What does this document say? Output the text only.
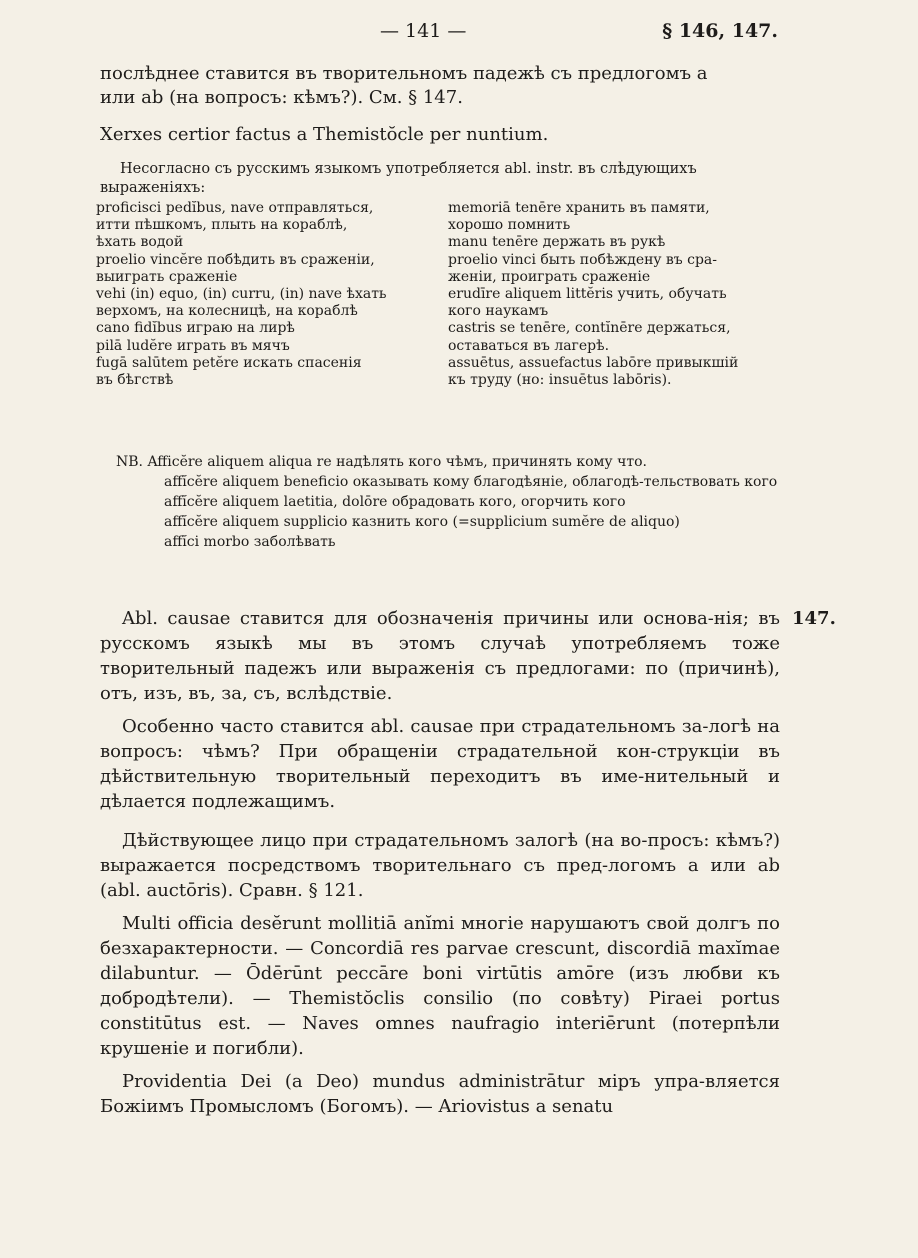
— 141 —	§ 146, 147.

послѣднее ставится въ творительномъ падежѣ съ предлогомъ a

или ab (на вопросъ: кѣмъ?). См. § 147.

Xerxes certior factus a Themistŏcle per nuntium.

Несогласно съ русскимъ языкомъ употребляется abl. instr. въ слѣдующихъ

выраженіяхъ:

proficisci pedĭbus, nave отправляться,
итти пѣшкомъ, плыть на кораблѣ,
ѣхать водой
proelio vincĕre побѣдить въ сраженіи,
выиграть сраженіе
vehi (in) equo, (in) curru, (in) nave ѣхать
верхомъ, на колесницѣ, на кораблѣ
cano fidĭbus играю на лирѣ
pilā ludĕre играть въ мячъ
fugā salūtem petĕre искать спасенія
въ бѣгствѣ
memoriā tenēre хранить въ памяти,
хорошо помнить
manu tenēre держать въ рукѣ
proelio vinci быть побѣжденy въ сра-
женіи, проиграть сраженіе
erudīre aliquem littĕris учить, обучать
кого наукамъ
castris se tenēre, contĭnēre держаться,
оставаться въ лагерѣ.
assuētus, assuefactus labōre привыкшій
къ труду (но: insuētus labōris).

NB. Afficĕre aliquem aliqua re надѣлять кого чѣмъ, причинять кому что.

affĭcĕre aliquem beneficio оказывать кому благодѣяніе, облагодѣ-тельствовать кого

affĭcĕre aliquem laetitia, dolōre обрадовать кого, огорчить кого

affĭcĕre aliquem supplicio казнить кого (=supplicium sumĕre de aliquo)

affĭci morbo заболѣвать

147.

Abl. causae ставится для обозначенія причины или основа-нія; въ русскомъ языкѣ мы въ этомъ случаѣ употребляемъ тоже творительный падежъ или выраженія съ предлогами: по (причинѣ), отъ, изъ, въ, за, съ, вслѣдствіе.

Особенно часто ставится abl. causae при страдательномъ за-логѣ на вопросъ: чѣмъ? При обращеніи страдательной кон-струкціи въ дѣйствительную творительный переходитъ въ име-нительный и дѣлается подлежащимъ.

Дѣйствующее лицо при страдательномъ залогѣ (на во-просъ: кѣмъ?) выражается посредствомъ творительнаго съ пред-логомъ a или ab (abl. auctōris). Сравн. § 121.

Multi officia desĕrunt mollitiā anĭmi многіе нарушаютъ свой долгъ по безхарактерности. — Concordiā res parvae crescunt, discordiā maxĭmae dilabuntur. — Ōdērūnt peccāre boni virtūtis amōre (изъ любви къ добродѣтели). — Themistŏclis consilio (по совѣту) Piraei portus constitūtus est. — Naves omnes naufragio interiērunt (потерпѣли крушеніе и погибли).

Providentia Dei (a Deo) mundus administrātur міръ упра-вляется Божіимъ Промысломъ (Богомъ). — Ariovistus a senatu
